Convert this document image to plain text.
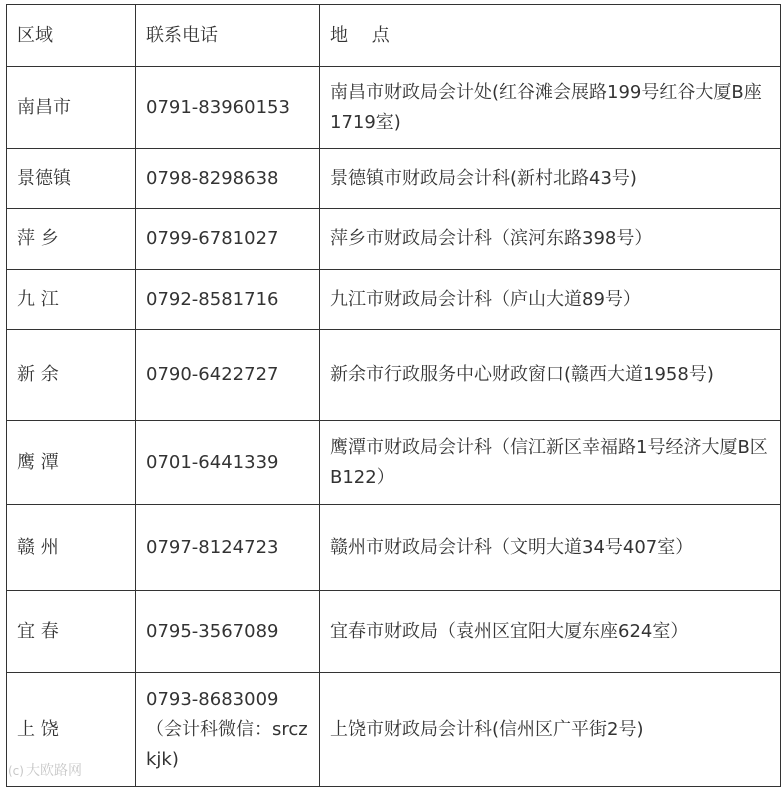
区域	联系电话	地　 点
南昌市	0791-83960153	南昌市财政局会计处(红谷滩会展路199号红谷大厦B座1719室)
景德镇	0798-8298638	景德镇市财政局会计科(新村北路43号)
萍 乡	0799-6781027	萍乡市财政局会计科（滨河东路398号）
九 江	0792-8581716	九江市财政局会计科（庐山大道89号）
新 余	0790-6422727	新余市行政服务中心财政窗口(赣西大道1958号)
鹰 潭	0701-6441339	鹰潭市财政局会计科（信江新区幸福路1号经济大厦B区B122）
赣 州	0797-8124723	赣州市财政局会计科（文明大道34号407室）
宜 春	0795-3567089	宜春市财政局（袁州区宜阳大厦东座624室）
上 饶	0793-8683009 （会计科微信：srczkjk)	上饶市财政局会计科(信州区广平街2号)
(c) 大欧路网
